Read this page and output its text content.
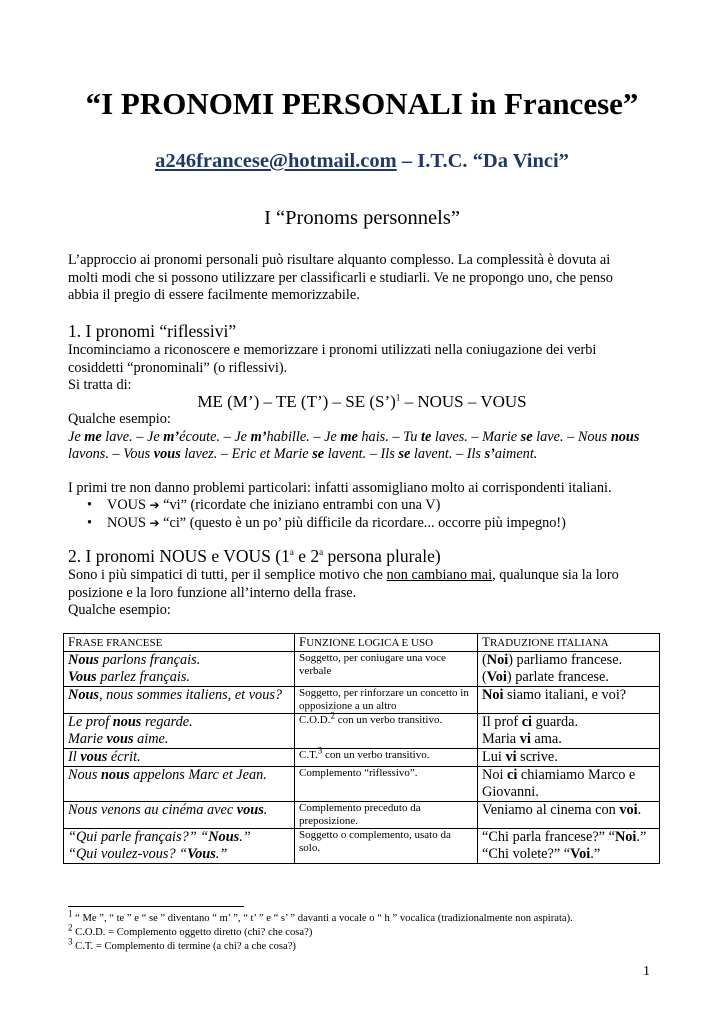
“I PRONOMI PERSONALI in Francese”
a246francese@hotmail.com – I.T.C. “Da Vinci”
I “Pronoms personnels”
L’approccio ai pronomi personali può risultare alquanto complesso. La complessità è dovuta ai
molti modi che si possono utilizzare per classificarli e studiarli. Ve ne propongo uno, che penso
abbia il pregio di essere facilmente memorizzabile.
1. I pronomi “riflessivi”
Incominciamo a riconoscere e memorizzare i pronomi utilizzati nella coniugazione dei verbi
cosiddetti “pronominali” (o riflessivi).
Si tratta di:
ME (M’) – TE (T’) – SE (S’)$^1$ – NOUS – VOUS
Qualche esempio:
Je me lave. – Je m’écoute. – Je m’habille. – Je me hais. – Tu te laves. – Marie se lave. – Nous nous
lavons. – Vous vous lavez. – Eric et Marie se lavent. – Ils se lavent. – Ils s’aiment.
I primi tre non danno problemi particolari: infatti assomigliano molto ai corrispondenti italiani.
• VOUS ➔ “vi” (ricordate che iniziano entrambi con una V)
• NOUS ➔ “ci” (questo è un po’ più difficile da ricordare... occorre più impegno!)
2. I pronomi NOUS e VOUS (1$^a$ e 2$^a$ persona plurale)
Sono i più simpatici di tutti, per il semplice motivo che non cambiano mai, qualunque sia la loro
posizione e la loro funzione all’interno della frase.
Qualche esempio:
FRASE FRANCESE	FUNZIONE LOGICA E USO	TRADUZIONE ITALIANA
Nous parlons français.
Vous parlez français.	Soggetto, per coniugare una voce verbale	(Noi) parliamo francese.
(Voi) parlate francese.
Nous, nous sommes italiens, et vous?	Soggetto, per rinforzare un concetto in opposizione a un altro	Noi siamo italiani, e voi?
Le prof nous regarde.
Marie vous aime.	C.O.D.$^2$ con un verbo transitivo.	Il prof ci guarda.
Maria vi ama.
Il vous écrit.	C.T.$^3$ con un verbo transitivo.	Lui vi scrive.
Nous nous appelons Marc et Jean.	Complemento “riflessivo”.	Noi ci chiamiamo Marco e Giovanni.
Nous venons au cinéma avec vous.	Complemento preceduto da preposizione.	Veniamo al cinema con voi.
“Qui parle français?” “Nous.”
“Qui voulez-vous? “Vous.”	Soggetto o complemento, usato da solo.	“Chi parla francese?” “Noi.”
“Chi volete?” “Voi.”
$^1$ “ Me ”, “ te ” e “ se ” diventano “ m’ ”, “ t’ ” e “ s’ ” davanti a vocale o “ h ” vocalica (tradizionalmente non aspirata).
$^2$ C.O.D. = Complemento oggetto diretto (chi? che cosa?)
$^3$ C.T. = Complemento di termine (a chi? a che cosa?)
1
